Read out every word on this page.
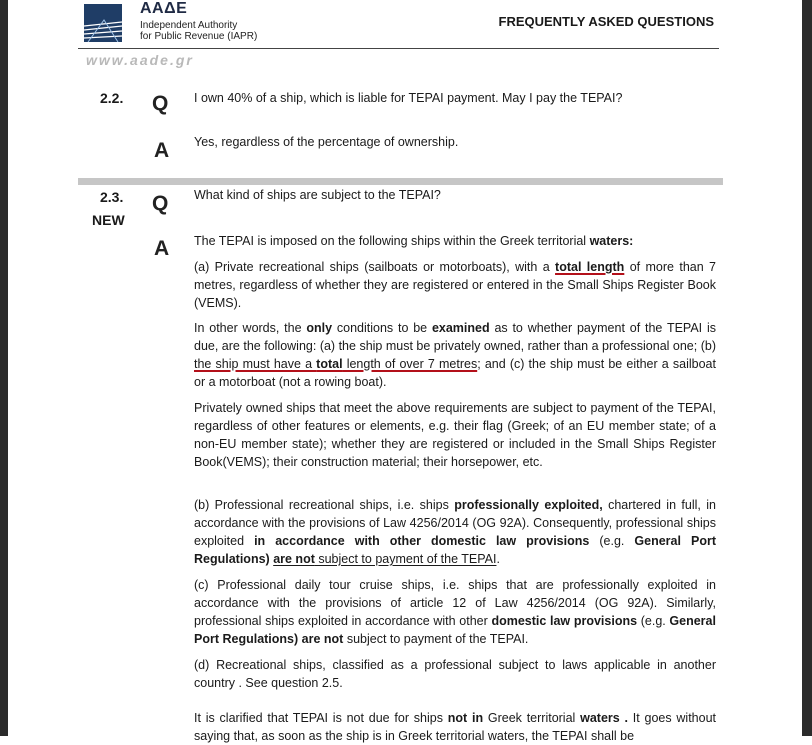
ΑΑΔΕ
Independent Authority
for Public Revenue (IAPR)
FREQUENTLY ASKED QUESTIONS
www.aade.gr
2.2. Q I own 40% of a ship, which is liable for TEPAI payment. May I pay the TEPAI?
A Yes, regardless of the percentage of ownership.
2.3.
NEW
Q What kind of ships are subject to the TEPAI?
A The TEPAI is imposed on the following ships within the Greek territorial waters:
(a) Private recreational ships (sailboats or motorboats), with a total length of more than 7 metres, regardless of whether they are registered or entered in the Small Ships Register Book (VEMS).
In other words, the only conditions to be examined as to whether payment of the TEPAI is due, are the following: (a) the ship must be privately owned, rather than a professional one; (b) the ship must have a total length of over 7 metres; and (c) the ship must be either a sailboat or a motorboat (not a rowing boat).
Privately owned ships that meet the above requirements are subject to payment of the TEPAI, regardless of other features or elements, e.g. their flag (Greek; of an EU member state; of a non-EU member state); whether they are registered or included in the Small Ships Register Book(VEMS); their construction material; their horsepower, etc.
(b) Professional recreational ships, i.e. ships professionally exploited, chartered in full, in accordance with the provisions of Law 4256/2014 (OG 92A). Consequently, professional ships exploited in accordance with other domestic law provisions (e.g. General Port Regulations) are not subject to payment of the TEPAI.
(c) Professional daily tour cruise ships, i.e. ships that are professionally exploited in accordance with the provisions of article 12 of Law 4256/2014 (OG 92A). Similarly, professional ships exploited in accordance with other domestic law provisions (e.g. General Port Regulations) are not subject to payment of the TEPAI.
(d) Recreational ships, classified as a professional subject to laws applicable in another country . See question 2.5.
It is clarified that TEPAI is not due for ships not in Greek territorial waters . It goes without saying that, as soon as the ship is in Greek territorial waters, the TEPAI shall be
